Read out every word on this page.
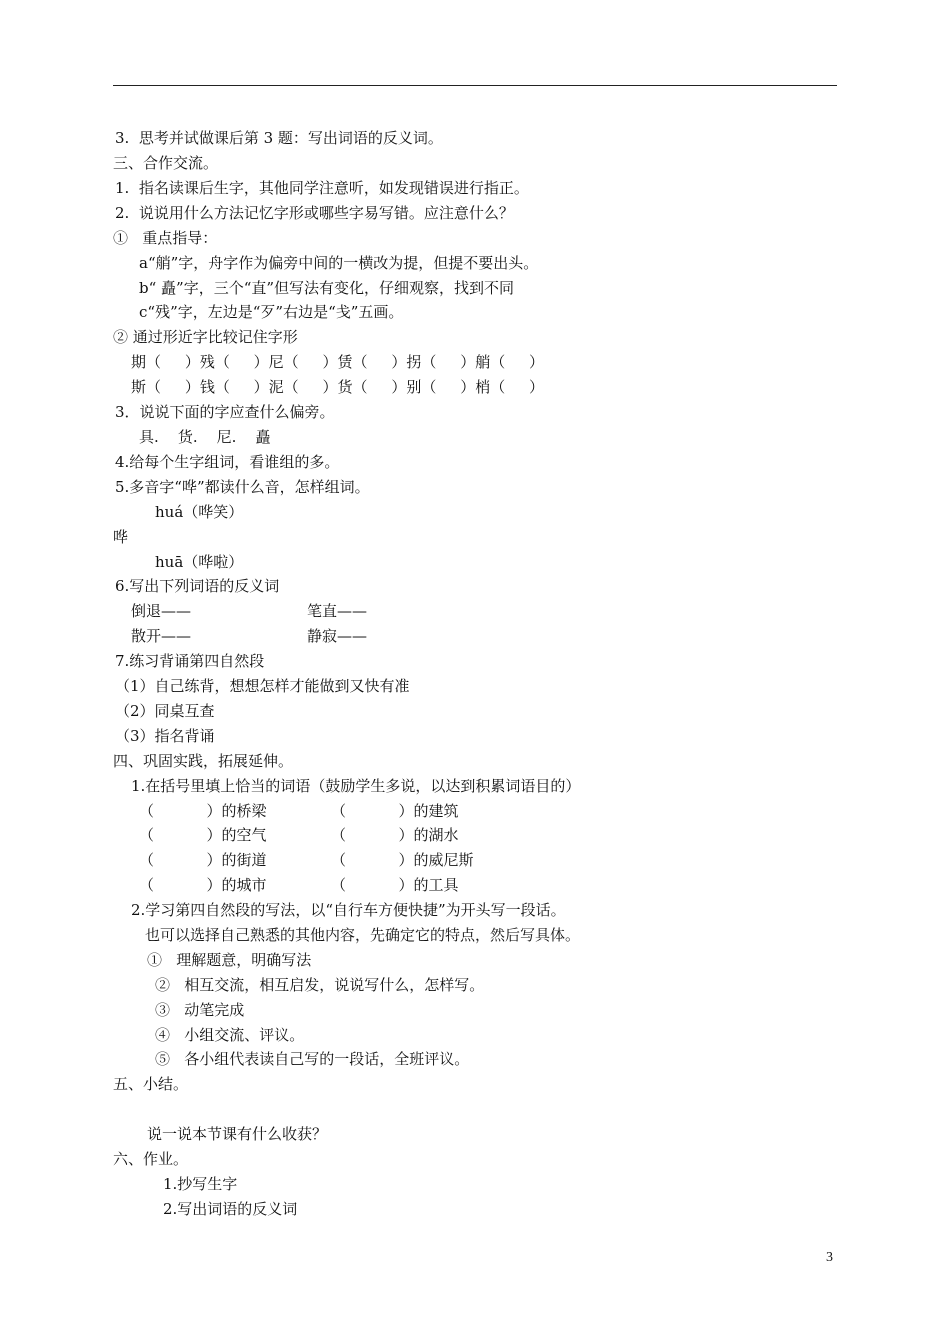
3.  思考并试做课后第 3 题：写出词语的反义词。
三、合作交流。
1.  指名读课后生字，其他同学注意听，如发现错误进行指正。
2.  说说用什么方法记忆字形或哪些字易写错。应注意什么？
①   重点指导：
a“艄”字，舟字作为偏旁中间的一横改为提，但提不要出头。
b“ 矗”字，三个“直”但写法有变化，仔细观察，找到不同
c“残”字，左边是“歹”右边是“戋”五画。
② 通过形近字比较记住字形
期（     ）残（     ）尼（     ）赁（     ）拐（     ）艄（     ）
斯（     ）钱（     ）泥（     ）货（     ）别（     ）梢（     ）
3．说说下面的字应查什么偏旁。
具.    货.    尼.    矗
4.给每个生字组词，看谁组的多。
5.多音字“哗”都读什么音，怎样组词。
huá（哗笑）
哗
huā（哗啦）
6.写出下列词语的反义词
倒退——	笔直——
散开——	静寂——
7.练习背诵第四自然段
（1）自己练背，想想怎样才能做到又快有准
（2）同桌互查
（3）指名背诵
四、巩固实践，拓展延伸。
1.在括号里填上恰当的词语（鼓励学生多说，以达到积累词语目的）
（           ）的桥梁	（           ）的建筑
（           ）的空气	（           ）的湖水
（           ）的街道	（           ）的威尼斯
（           ）的城市	（           ）的工具
2.学习第四自然段的写法，以“自行车方便快捷”为开头写一段话。
也可以选择自己熟悉的其他内容，先确定它的特点，然后写具体。
①   理解题意，明确写法
②   相互交流，相互启发，说说写什么，怎样写。
③   动笔完成
④   小组交流、评议。
⑤   各小组代表读自己写的一段话，全班评议。
五、小结。
说一说本节课有什么收获？
六、作业。
1.抄写生字
2.写出词语的反义词
3
